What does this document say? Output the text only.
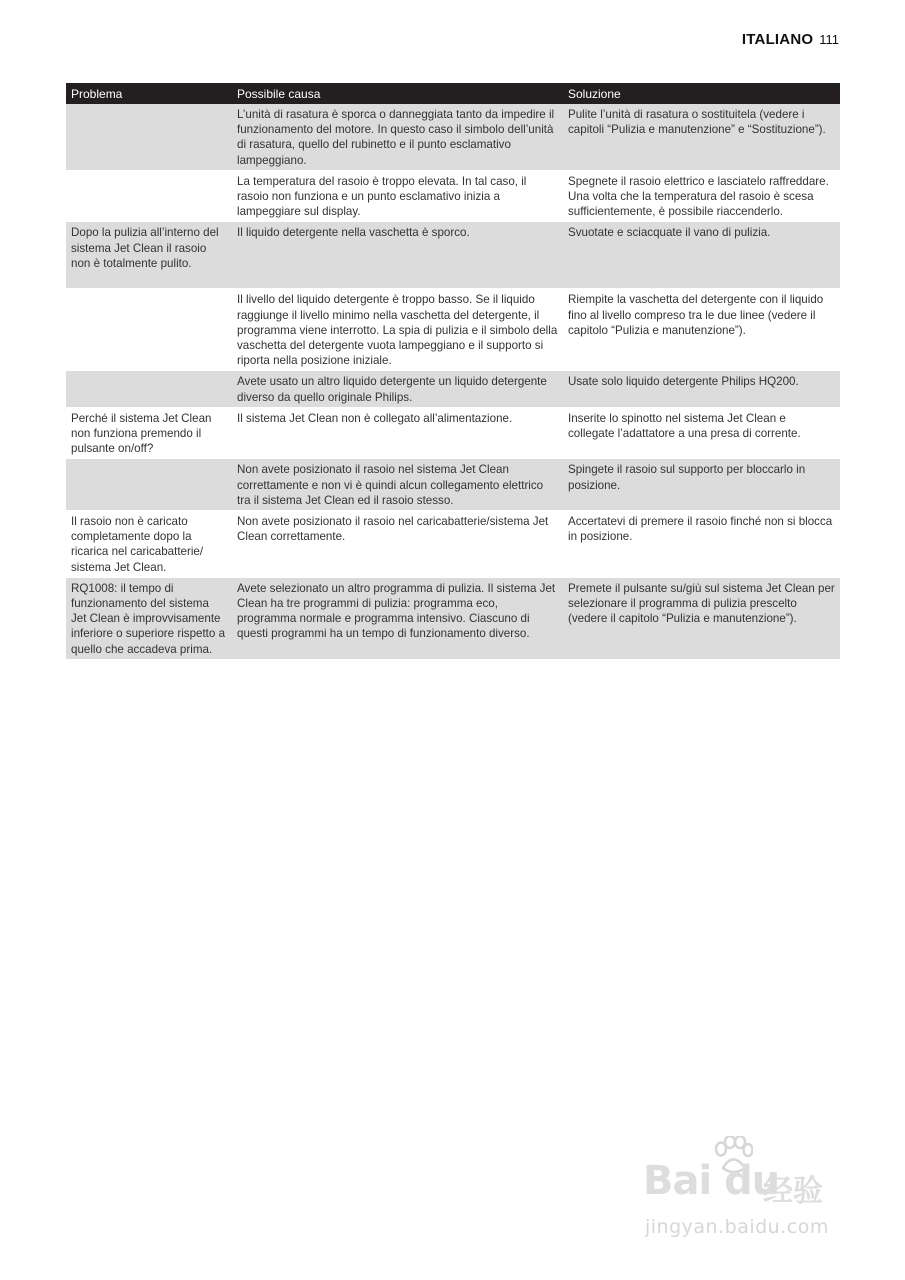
ITALIANO 111
Problema	Possibile causa	Soluzione
	L’unità di rasatura è sporca o danneggiata tanto da impedire il funzionamento del motore. In questo caso il simbolo dell’unità di rasatura, quello del rubinetto e il punto esclamativo lampeggiano.	Pulite l’unità di rasatura o sostituitela (vedere i capitoli “Pulizia e manutenzione” e “Sostituzione”).
	La temperatura del rasoio è troppo elevata. In tal caso, il rasoio non funziona e un punto esclamativo inizia a lampeggiare sul display.	Spegnete il rasoio elettrico e lasciatelo raffreddare. Una volta che la temperatura del rasoio è scesa sufficientemente, è possibile riaccenderlo.
Dopo la pulizia all’interno del sistema Jet Clean il rasoio non è totalmente pulito.	Il liquido detergente nella vaschetta è sporco.	Svuotate e sciacquate il vano di pulizia.
	Il livello del liquido detergente è troppo basso. Se il liquido raggiunge il livello minimo nella vaschetta del detergente, il programma viene interrotto. La spia di pulizia e il simbolo della vaschetta del detergente vuota lampeggiano e il supporto si riporta nella posizione iniziale.	Riempite la vaschetta del detergente con il liquido fino al livello compreso tra le due linee (vedere il capitolo “Pulizia e manutenzione”).
	Avete usato un altro liquido detergente un liquido detergente diverso da quello originale Philips.	Usate solo liquido detergente Philips HQ200.
Perché il sistema Jet Clean non funziona premendo il pulsante on/off?	Il sistema Jet Clean non è collegato all’alimentazione.	Inserite lo spinotto nel sistema Jet Clean e collegate l’adattatore a una presa di corrente.
	Non avete posizionato il rasoio nel sistema Jet Clean correttamente e non vi è quindi alcun collegamento elettrico tra il sistema Jet Clean ed il rasoio stesso.	Spingete il rasoio sul supporto per bloccarlo in posizione.
Il rasoio non è caricato completamente dopo la ricarica nel caricabatterie/ sistema Jet Clean.	Non avete posizionato il rasoio nel caricabatterie/sistema Jet Clean correttamente.	Accertatevi di premere il rasoio finché non si blocca in posizione.
RQ1008: il tempo di funzionamento del sistema Jet Clean è improvvisamente inferiore o superiore rispetto a quello che accadeva prima.	Avete selezionato un altro programma di pulizia. Il sistema Jet Clean ha tre programmi di pulizia: programma eco, programma normale e programma intensivo. Ciascuno di questi programmi ha un tempo di funzionamento diverso.	Premete il pulsante su/giù sul sistema Jet Clean per selezionare il programma di pulizia prescelto (vedere il capitolo “Pulizia e manutenzione”).
Bai du
经验
jingyan.baidu.com
